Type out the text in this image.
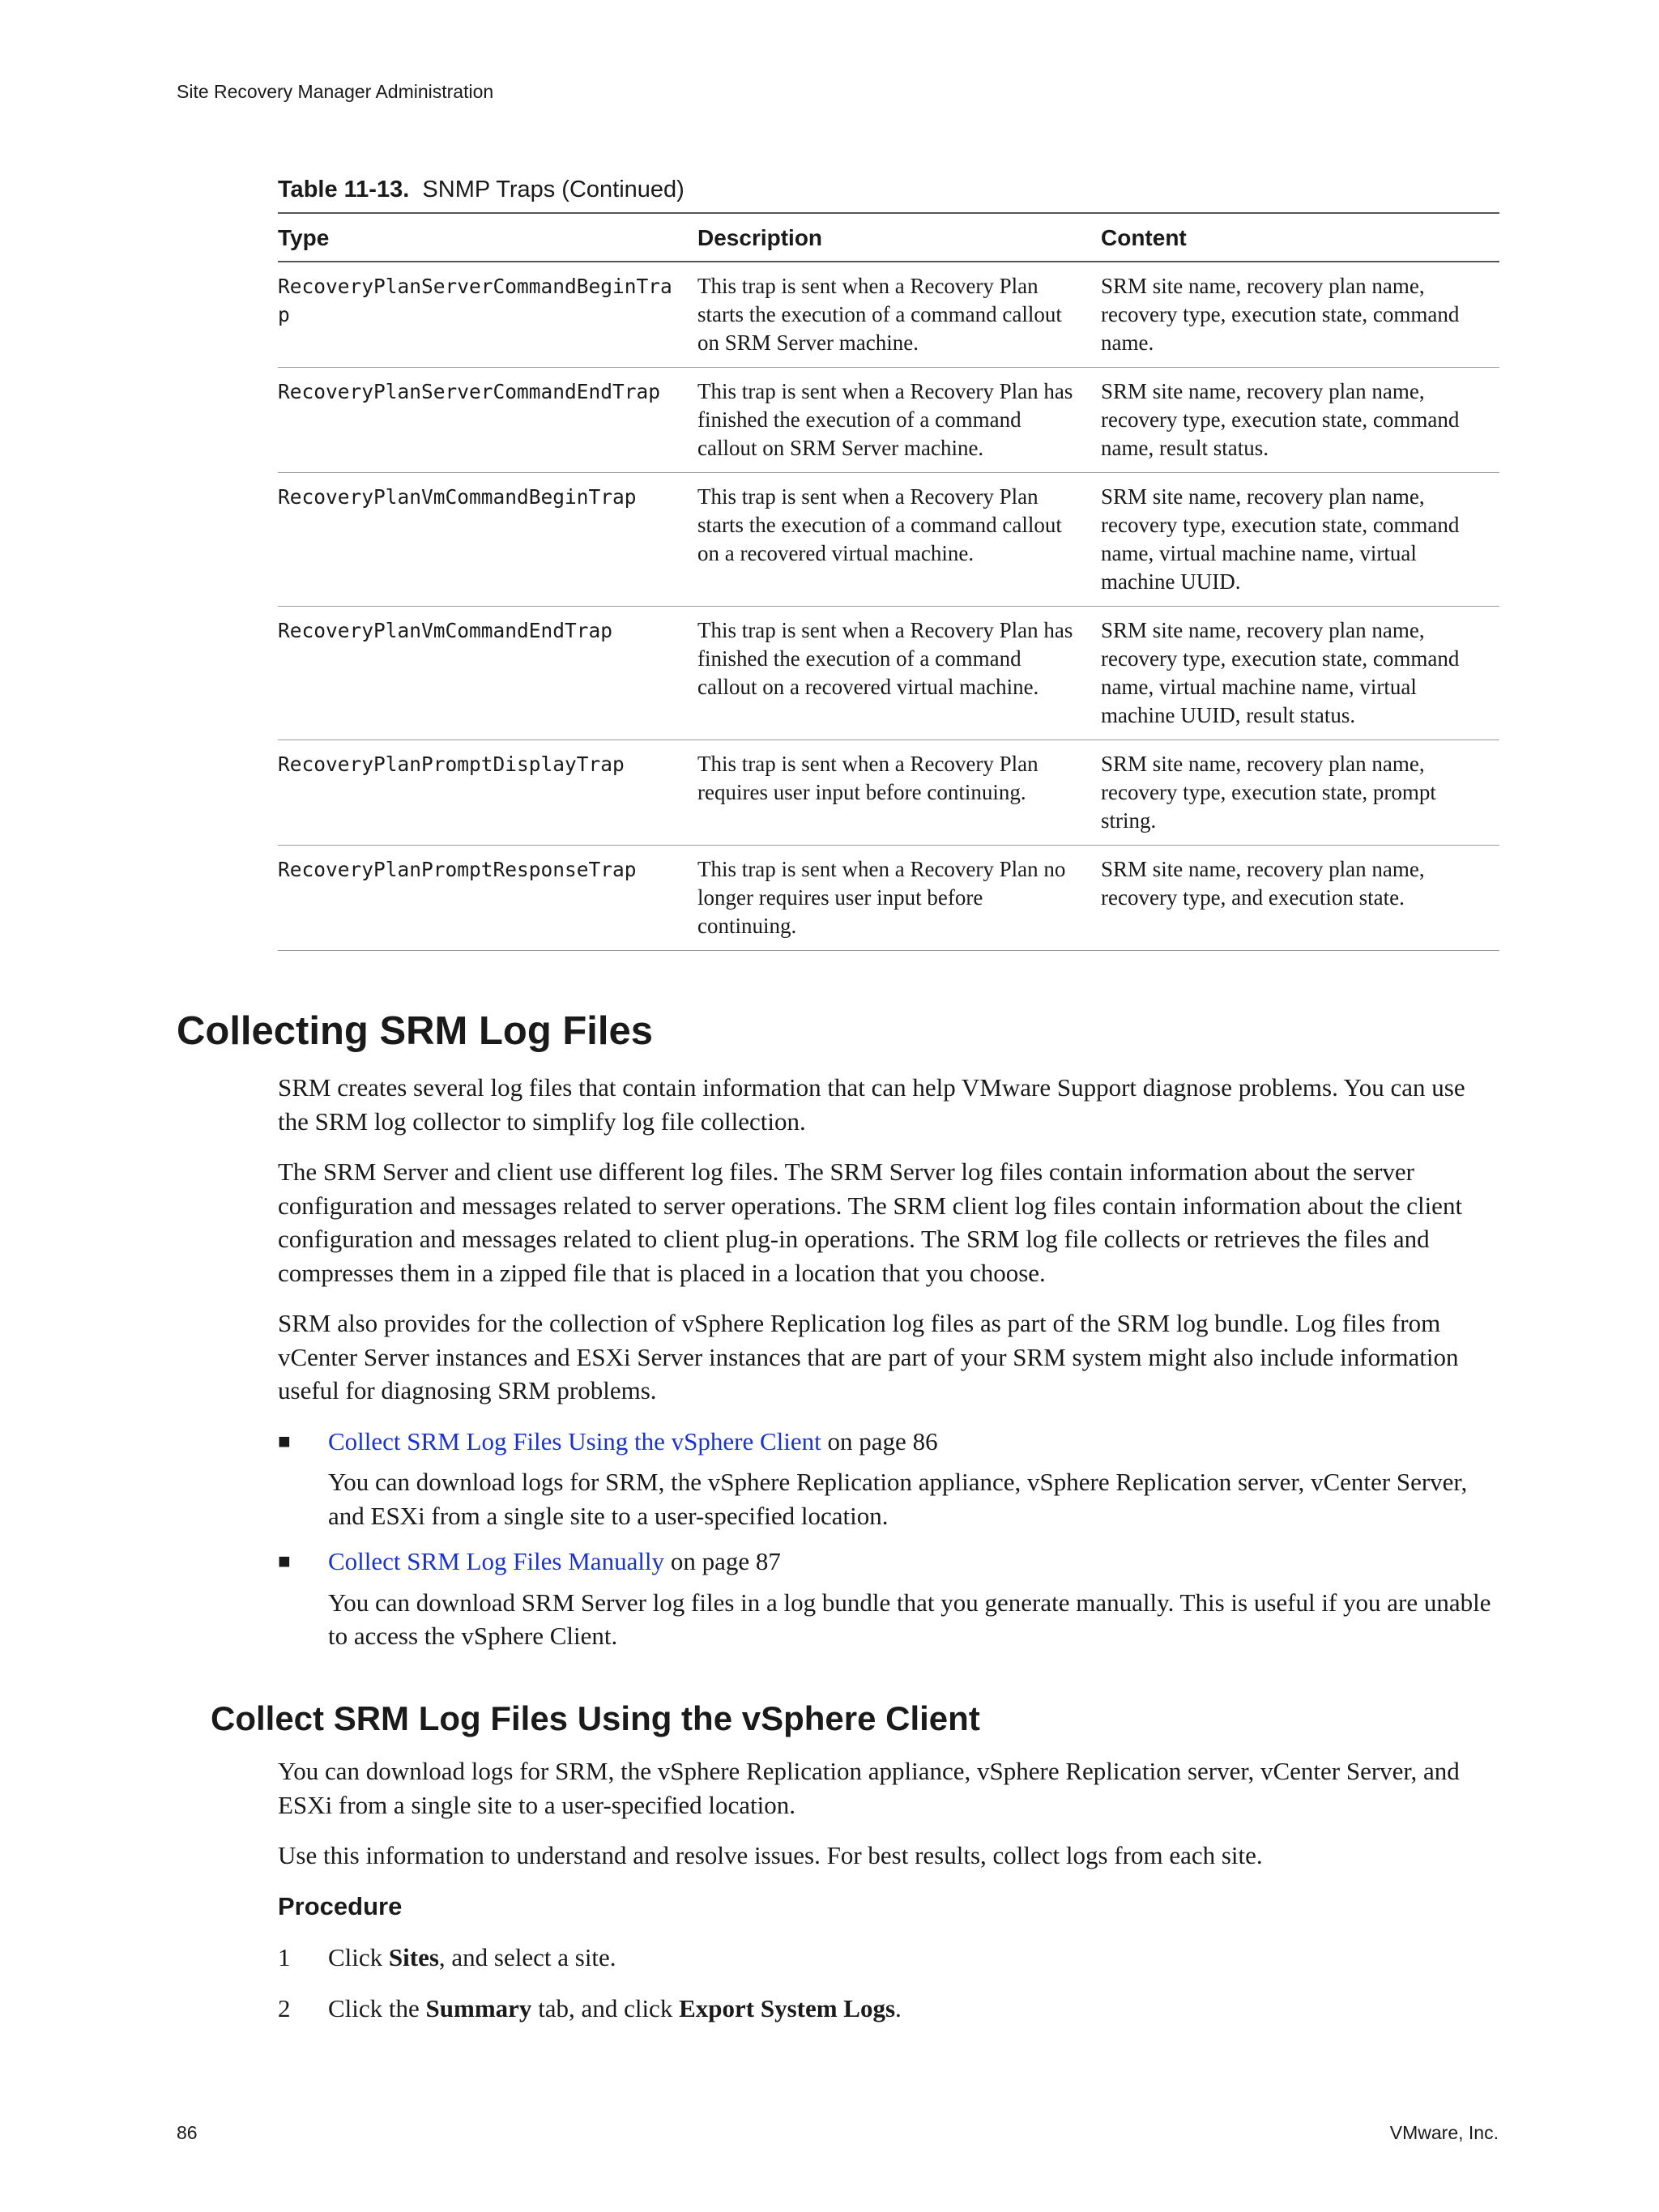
Site Recovery Manager Administration
Table 11-13. SNMP Traps (Continued)
Type	Description	Content
RecoveryPlanServerCommandBeginTrap	This trap is sent when a Recovery Plan starts the execution of a command callout on SRM Server machine.	SRM site name, recovery plan name, recovery type, execution state, command name.
RecoveryPlanServerCommandEndTrap	This trap is sent when a Recovery Plan has finished the execution of a command callout on SRM Server machine.	SRM site name, recovery plan name, recovery type, execution state, command name, result status.
RecoveryPlanVmCommandBeginTrap	This trap is sent when a Recovery Plan starts the execution of a command callout on a recovered virtual machine.	SRM site name, recovery plan name, recovery type, execution state, command name, virtual machine name, virtual machine UUID.
RecoveryPlanVmCommandEndTrap	This trap is sent when a Recovery Plan has finished the execution of a command callout on a recovered virtual machine.	SRM site name, recovery plan name, recovery type, execution state, command name, virtual machine name, virtual machine UUID, result status.
RecoveryPlanPromptDisplayTrap	This trap is sent when a Recovery Plan requires user input before continuing.	SRM site name, recovery plan name, recovery type, execution state, prompt string.
RecoveryPlanPromptResponseTrap	This trap is sent when a Recovery Plan no longer requires user input before continuing.	SRM site name, recovery plan name, recovery type, and execution state.
Collecting SRM Log Files

SRM creates several log files that contain information that can help VMware Support diagnose problems. You can use the SRM log collector to simplify log file collection.

The SRM Server and client use different log files. The SRM Server log files contain information about the server configuration and messages related to server operations. The SRM client log files contain information about the client configuration and messages related to client plug-in operations. The SRM log file collects or retrieves the files and compresses them in a zipped file that is placed in a location that you choose.

SRM also provides for the collection of vSphere Replication log files as part of the SRM log bundle. Log files from vCenter Server instances and ESXi Server instances that are part of your SRM system might also include information useful for diagnosing SRM problems.

■ Collect SRM Log Files Using the vSphere Client on page 86
You can download logs for SRM, the vSphere Replication appliance, vSphere Replication server, vCenter Server, and ESXi from a single site to a user-specified location.
■ Collect SRM Log Files Manually on page 87
You can download SRM Server log files in a log bundle that you generate manually. This is useful if you are unable to access the vSphere Client.
Collect SRM Log Files Using the vSphere Client

You can download logs for SRM, the vSphere Replication appliance, vSphere Replication server, vCenter Server, and ESXi from a single site to a user-specified location.

Use this information to understand and resolve issues. For best results, collect logs from each site.

Procedure
1 Click Sites, and select a site.
2 Click the Summary tab, and click Export System Logs.
86	VMware, Inc.
